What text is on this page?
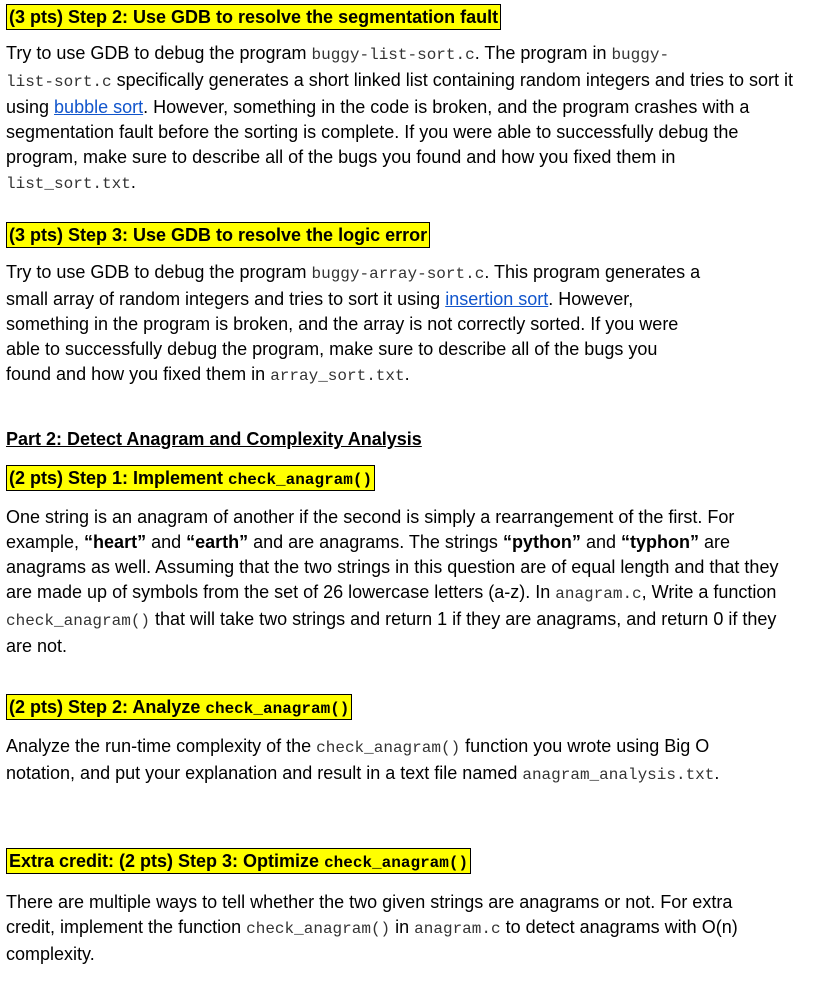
(3 pts) Step 2: Use GDB to resolve the segmentation fault

Try to use GDB to debug the program buggy-list-sort.c. The program in buggy-
list-sort.c specifically generates a short linked list containing random integers and tries to sort it using bubble sort. However, something in the code is broken, and the program crashes with a segmentation fault before the sorting is complete. If you were able to successfully debug the program, make sure to describe all of the bugs you found and how you fixed them in list_sort.txt.

(3 pts) Step 3: Use GDB to resolve the logic error

Try to use GDB to debug the program buggy-array-sort.c. This program generates a small array of random integers and tries to sort it using insertion sort. However, something in the program is broken, and the array is not correctly sorted. If you were able to successfully debug the program, make sure to describe all of the bugs you found and how you fixed them in array_sort.txt.

Part 2: Detect Anagram and Complexity Analysis
(2 pts) Step 1: Implement check_anagram()

One string is an anagram of another if the second is simply a rearrangement of the first. For example, “heart” and “earth” and are anagrams. The strings “python” and “typhon” are anagrams as well. Assuming that the two strings in this question are of equal length and that they are made up of symbols from the set of 26 lowercase letters (a-z). In anagram.c, Write a function check_anagram() that will take two strings and return 1 if they are anagrams, and return 0 if they are not.

(2 pts) Step 2: Analyze check_anagram()

Analyze the run-time complexity of the check_anagram() function you wrote using Big O notation, and put your explanation and result in a text file named anagram_analysis.txt.

Extra credit: (2 pts) Step 3: Optimize check_anagram()

There are multiple ways to tell whether the two given strings are anagrams or not. For extra credit, implement the function check_anagram() in anagram.c to detect anagrams with O(n) complexity.
